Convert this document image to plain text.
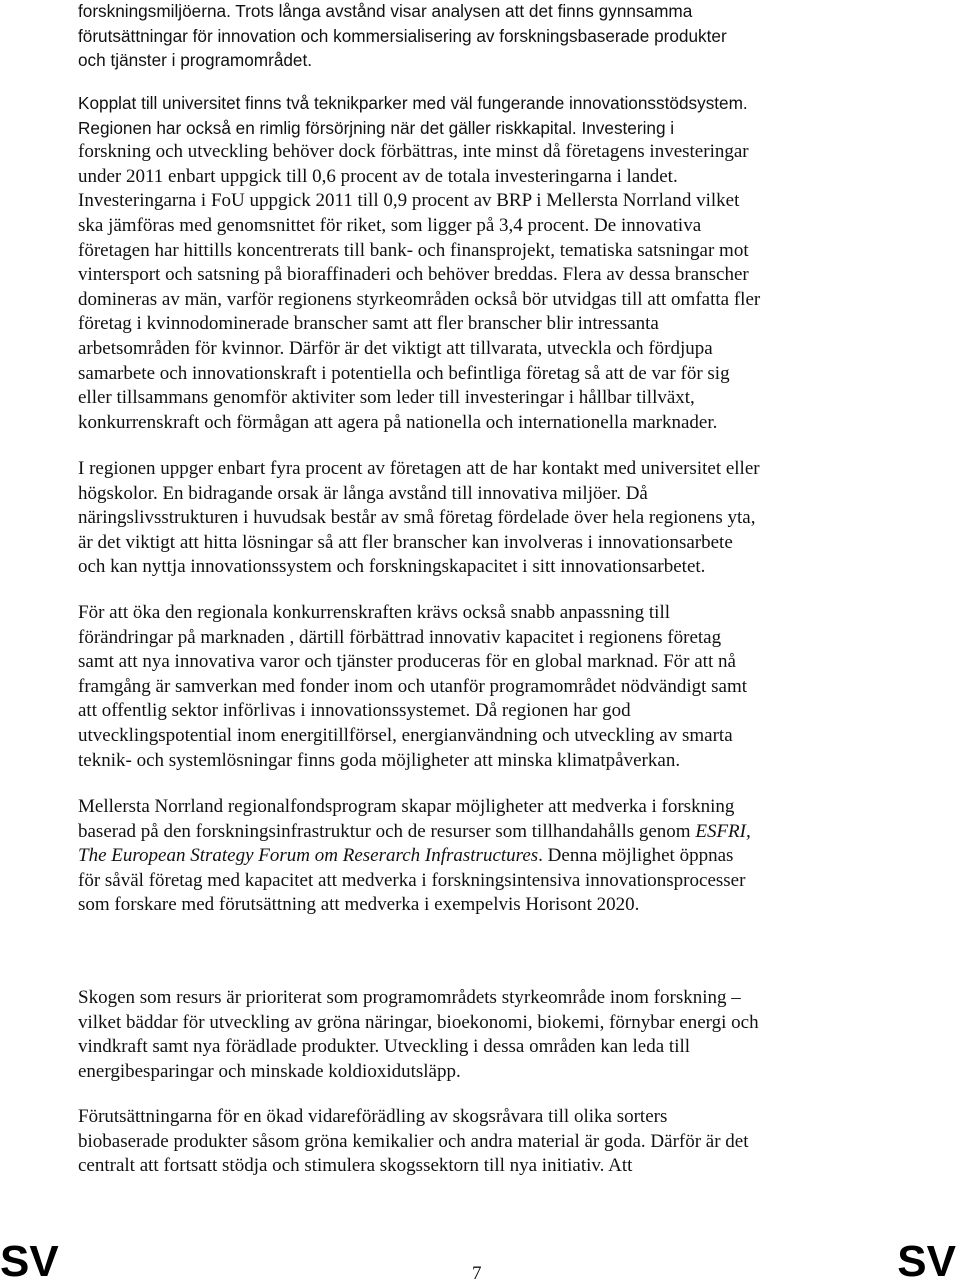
forskningsmiljöerna. Trots långa avstånd visar analysen att det finns gynnsamma
förutsättningar för innovation och kommersialisering av forskningsbaserade produkter
och tjänster i programområdet.
Kopplat till universitet finns två teknikparker med väl fungerande innovationsstödsystem.
Regionen har också en rimlig försörjning när det gäller riskkapital. Investering i
forskning och utveckling behöver dock förbättras, inte minst då företagens investeringar
under 2011 enbart uppgick till 0,6 procent av de totala investeringarna i landet.
Investeringarna i FoU uppgick 2011 till 0,9 procent av BRP i Mellersta Norrland vilket
ska jämföras med genomsnittet för riket, som ligger på 3,4 procent. De innovativa
företagen har hittills koncentrerats till bank- och finansprojekt, tematiska satsningar mot
vintersport och satsning på bioraffinaderi och behöver breddas. Flera av dessa branscher
domineras av män, varför regionens styrkeområden också bör utvidgas till att omfatta fler
företag i kvinnodominerade branscher samt att fler branscher blir intressanta
arbetsområden för kvinnor. Därför är det viktigt att tillvarata, utveckla och fördjupa
samarbete och innovationskraft i potentiella och befintliga företag så att de var för sig
eller tillsammans genomför aktiviter som leder till investeringar i hållbar tillväxt,
konkurrenskraft och förmågan att agera på nationella och internationella marknader.
I regionen uppger enbart fyra procent av företagen att de har kontakt med universitet eller
högskolor. En bidragande orsak är långa avstånd till innovativa miljöer. Då
näringslivsstrukturen i huvudsak består av små företag fördelade över hela regionens yta,
är det viktigt att hitta lösningar så att fler branscher kan involveras i innovationsarbete
och kan nyttja innovationssystem och forskningskapacitet i sitt innovationsarbetet.
För att öka den regionala konkurrenskraften krävs också snabb anpassning till
förändringar på marknaden , därtill förbättrad innovativ kapacitet i regionens företag
samt att nya innovativa varor och tjänster produceras för en global marknad. För att nå
framgång är samverkan med fonder inom och utanför programområdet nödvändigt samt
att offentlig sektor införlivas i innovationssystemet. Då regionen har god
utvecklingspotential inom energitillförsel, energianvändning och utveckling av smarta
teknik- och systemlösningar finns goda möjligheter att minska klimatpåverkan.
Mellersta Norrland regionalfondsprogram skapar möjligheter att medverka i forskning
baserad på den forskningsinfrastruktur och de resurser som tillhandahålls genom ESFRI,
The European Strategy Forum om Reserarch Infrastructures. Denna möjlighet öppnas
för såväl företag med kapacitet att medverka i forskningsintensiva innovationsprocesser
som forskare med förutsättning att medverka i exempelvis Horisont 2020.
Skogen som resurs är prioriterat som programområdets styrkeområde inom forskning –
vilket bäddar för utveckling av gröna näringar, bioekonomi, biokemi, förnybar energi och
vindkraft samt nya förädlade produkter. Utveckling i dessa områden kan leda till
energibesparingar och minskade koldioxidutsläpp.
Förutsättningarna för en ökad vidareförädling av skogsråvara till olika sorters
biobaserade produkter såsom gröna kemikalier och andra material är goda. Därför är det
centralt att fortsatt stödja och stimulera skogssektorn till nya initiativ. Att
SV	7	SV
